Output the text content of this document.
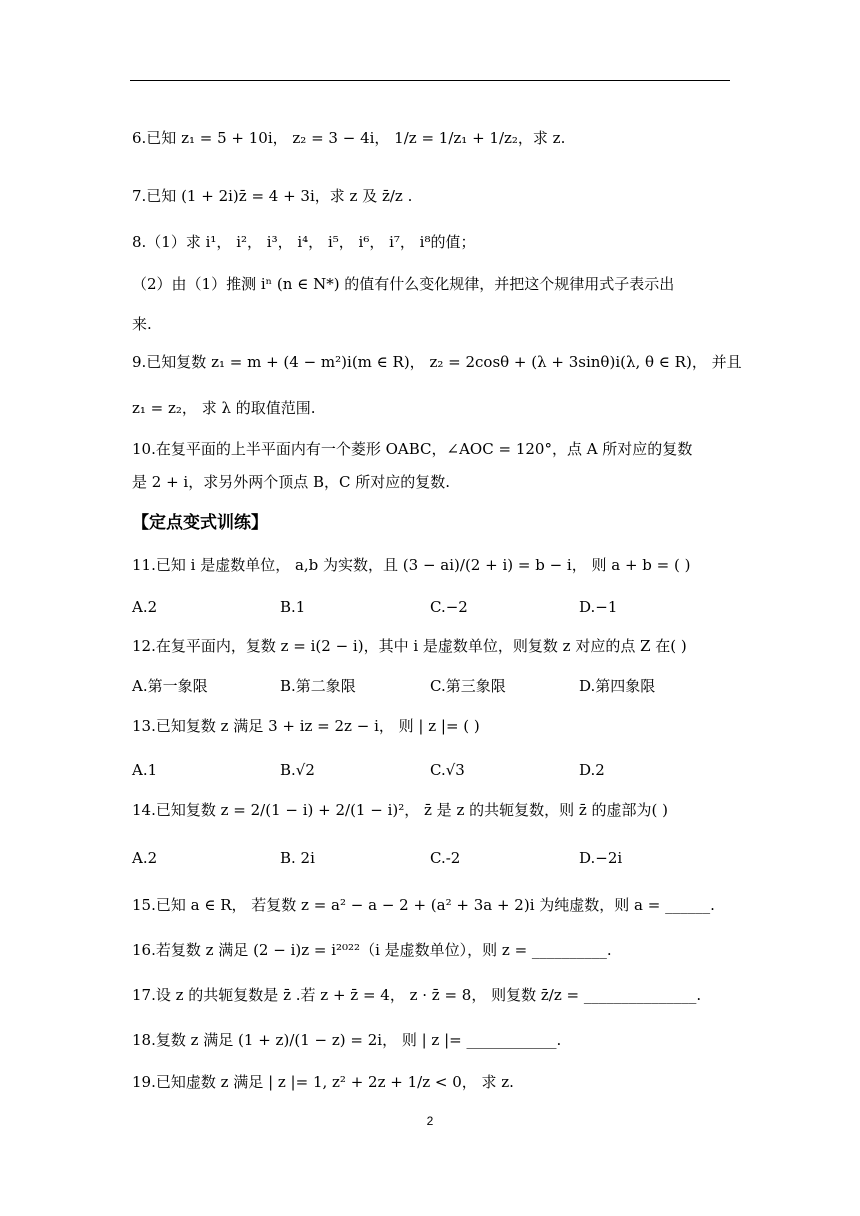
6.已知 z₁ = 5 + 10i， z₂ = 3 − 4i， 1/z = 1/z₁ + 1/z₂，求 z.
7.已知 (1 + 2i)z̄ = 4 + 3i，求 z 及 z̄/z .
8.（1）求 i¹， i²， i³， i⁴， i⁵， i⁶， i⁷， i⁸的值；
（2）由（1）推测 iⁿ (n ∈ N*) 的值有什么变化规律，并把这个规律用式子表示出
来.
9.已知复数 z₁ = m + (4 − m²)i(m ∈ R)， z₂ = 2cosθ + (λ + 3sinθ)i(λ, θ ∈ R)， 并且
z₁ = z₂， 求 λ 的取值范围.
10.在复平面的上半平面内有一个菱形 OABC，∠AOC = 120°，点 A 所对应的复数
是 2 + i，求另外两个顶点 B，C 所对应的复数.
【定点变式训练】
11.已知 i 是虚数单位， a,b 为实数，且 (3 − ai)/(2 + i) = b − i， 则 a + b = ( )
A.2	B.1	C.−2	D.−1
12.在复平面内，复数 z = i(2 − i)，其中 i 是虚数单位，则复数 z 对应的点 Z 在( )
A.第一象限	B.第二象限	C.第三象限	D.第四象限
13.已知复数 z 满足 3 + iz = 2z − i， 则 | z |= ( )
A.1	B.√2	C.√3	D.2
14.已知复数 z = 2/(1 − i) + 2/(1 − i)²， z̄ 是 z 的共轭复数，则 z̄ 的虚部为( )
A.2	B. 2i	C.-2	D.−2i
15.已知 a ∈ R， 若复数 z = a² − a − 2 + (a² + 3a + 2)i 为纯虚数，则 a = ______.
16.若复数 z 满足 (2 − i)z = i²⁰²²（i 是虚数单位），则 z = __________.
17.设 z 的共轭复数是 z̄ .若 z + z̄ = 4， z · z̄ = 8， 则复数 z̄/z = _______________.
18.复数 z 满足 (1 + z)/(1 − z) = 2i， 则 | z |= ____________.
19.已知虚数 z 满足 | z |= 1, z² + 2z + 1/z < 0， 求 z.
2
